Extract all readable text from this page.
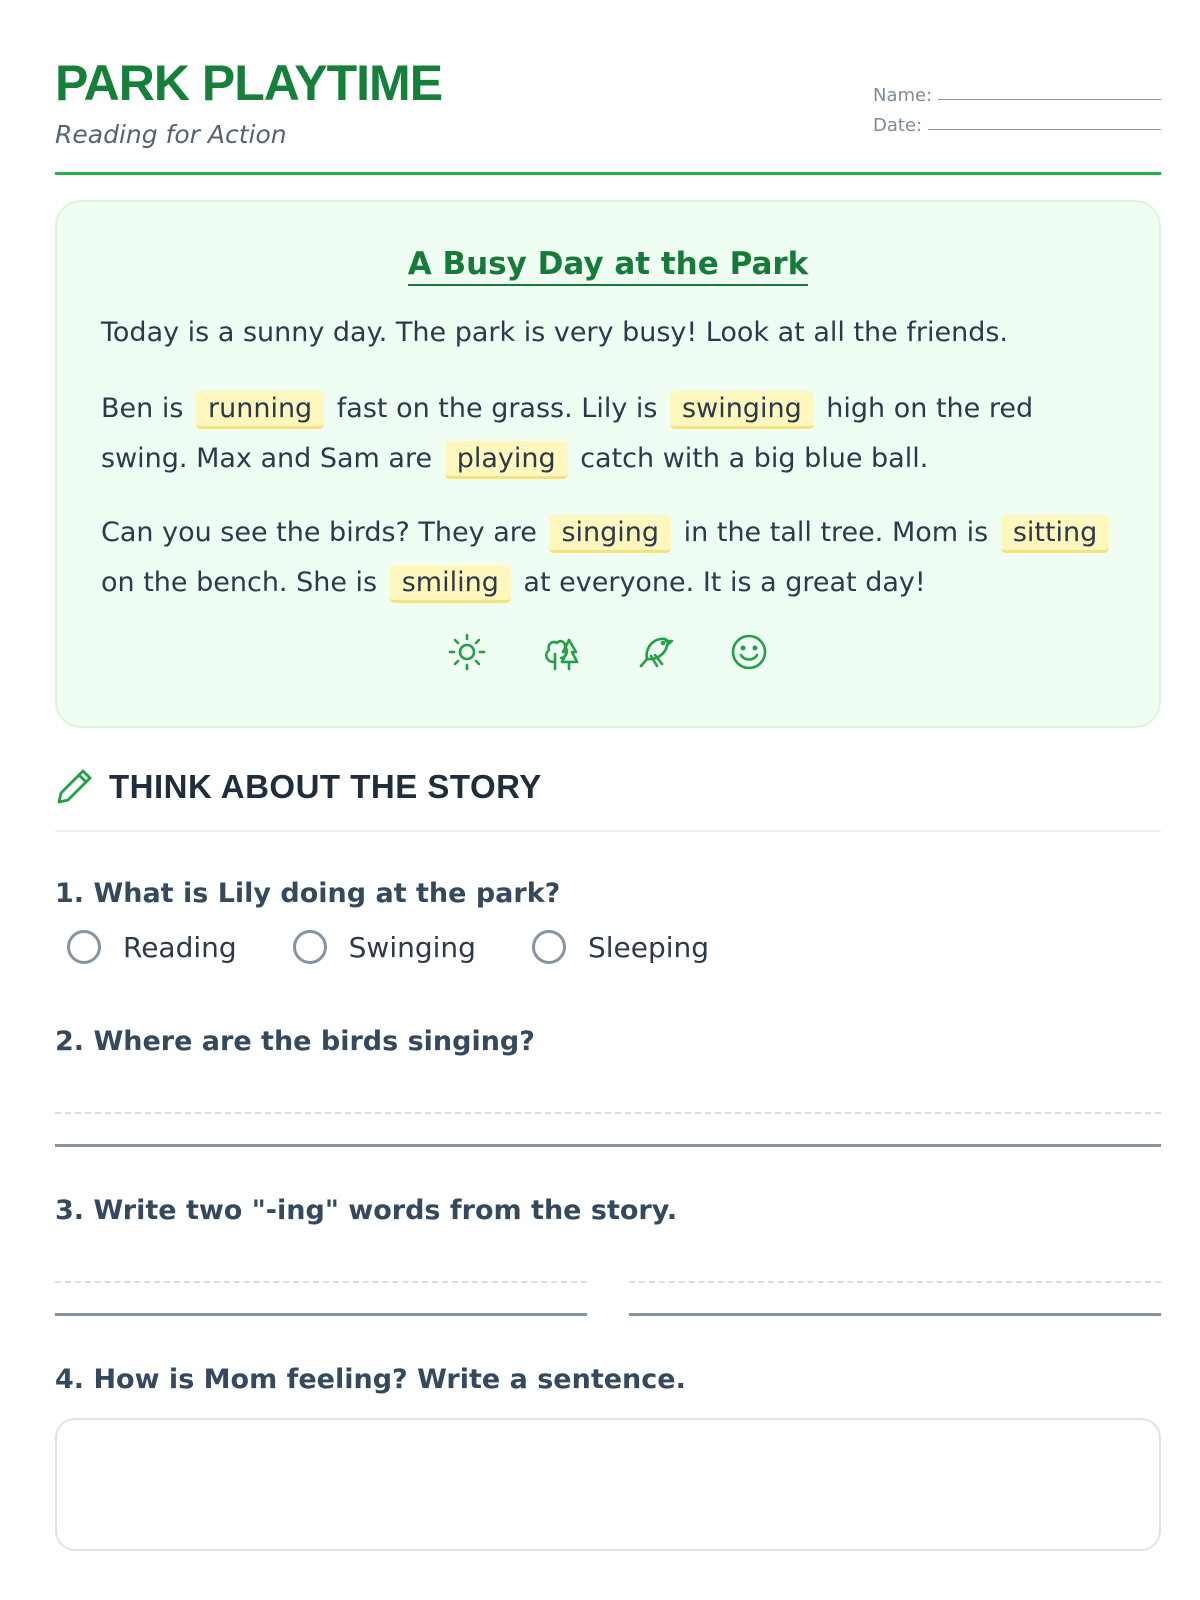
PARK PLAYTIME
Reading for Action
Name:
Date:
A Busy Day at the Park

Today is a sunny day. The park is very busy! Look at all the friends.

Ben is running fast on the grass. Lily is swinging high on the red swing. Max and Sam are playing catch with a big blue ball.

Can you see the birds? They are singing in the tall tree. Mom is sitting on the bench. She is smiling at everyone. It is a great day!

THINK ABOUT THE STORY
1. What is Lily doing at the park?
Reading	Swinging	Sleeping
2. Where are the birds singing?
3. Write two "-ing" words from the story.
4. How is Mom feeling? Write a sentence.
